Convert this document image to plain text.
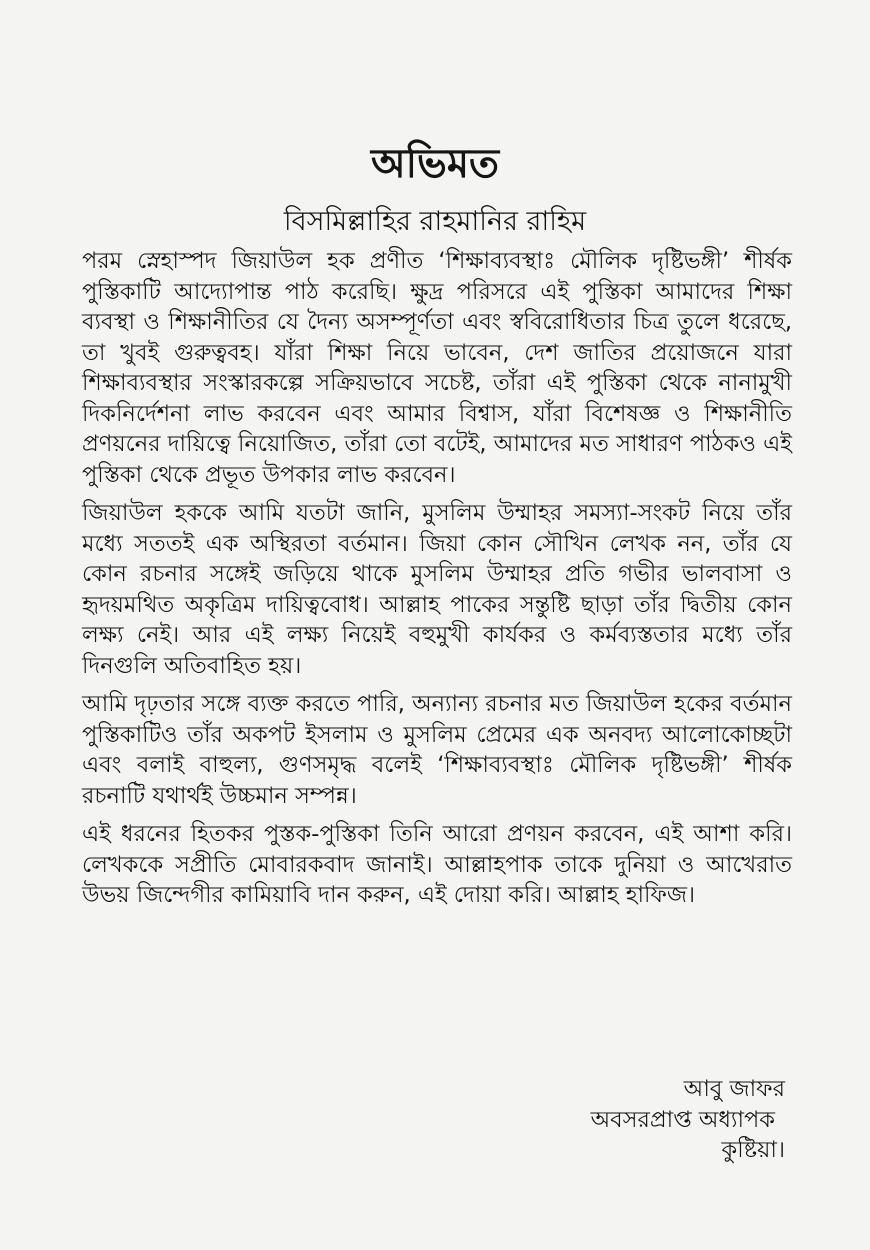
অভিমত
বিসমিল্লাহির রাহমানির রাহিম

পরম স্নেহাস্পদ জিয়াউল হক প্রণীত ‘শিক্ষাব্যবস্থাঃ মৌলিক দৃষ্টিভঙ্গী’ শীর্ষক পুস্তিকাটি আদ্যোপান্ত পাঠ করেছি। ক্ষুদ্র পরিসরে এই পুস্তিকা আমাদের শিক্ষা ব্যবস্থা ও শিক্ষানীতির যে দৈন্য অসম্পূর্ণতা এবং স্ববিরোধিতার চিত্র তুলে ধরেছে, তা খুবই গুরুত্ববহ। যাঁরা শিক্ষা নিয়ে ভাবেন, দেশ জাতির প্রয়োজনে যারা শিক্ষাব্যবস্থার সংস্কারকল্পে সক্রিয়ভাবে সচেষ্ট, তাঁরা এই পুস্তিকা থেকে নানামুখী দিকনির্দেশনা লাভ করবেন এবং আমার বিশ্বাস, যাঁরা বিশেষজ্ঞ ও শিক্ষানীতি প্রণয়নের দায়িত্বে নিয়োজিত, তাঁরা তো বটেই, আমাদের মত সাধারণ পাঠকও এই পুস্তিকা থেকে প্রভূত উপকার লাভ করবেন।

জিয়াউল হককে আমি যতটা জানি, মুসলিম উম্মাহর সমস্যা-সংকট নিয়ে তাঁর মধ্যে সততই এক অস্থিরতা বর্তমান। জিয়া কোন সৌখিন লেখক নন, তাঁর যে কোন রচনার সঙ্গেই জড়িয়ে থাকে মুসলিম উম্মাহর প্রতি গভীর ভালবাসা ও হৃদয়মথিত অকৃত্রিম দায়িত্ববোধ। আল্লাহ পাকের সন্তুষ্টি ছাড়া তাঁর দ্বিতীয় কোন লক্ষ্য নেই। আর এই লক্ষ্য নিয়েই বহুমুখী কার্যকর ও কর্মব্যস্ততার মধ্যে তাঁর দিনগুলি অতিবাহিত হয়।

আমি দৃঢ়তার সঙ্গে ব্যক্ত করতে পারি, অন্যান্য রচনার মত জিয়াউল হকের বর্তমান পুস্তিকাটিও তাঁর অকপট ইসলাম ও মুসলিম প্রেমের এক অনবদ্য আলোকোচ্ছটা এবং বলাই বাহুল্য, গুণসমৃদ্ধ বলেই ‘শিক্ষাব্যবস্থাঃ মৌলিক দৃষ্টিভঙ্গী’ শীর্ষক রচনাটি যথার্থই উচ্চমান সম্পন্ন।

এই ধরনের হিতকর পুস্তক-পুস্তিকা তিনি আরো প্রণয়ন করবেন, এই আশা করি। লেখককে সপ্রীতি মোবারকবাদ জানাই। আল্লাহপাক তাকে দুনিয়া ও আখেরাত উভয় জিন্দেগীর কামিয়াবি দান করুন, এই দোয়া করি। আল্লাহ হাফিজ।

আবু জাফর
অবসরপ্রাপ্ত অধ্যাপক
কুষ্টিয়া।
